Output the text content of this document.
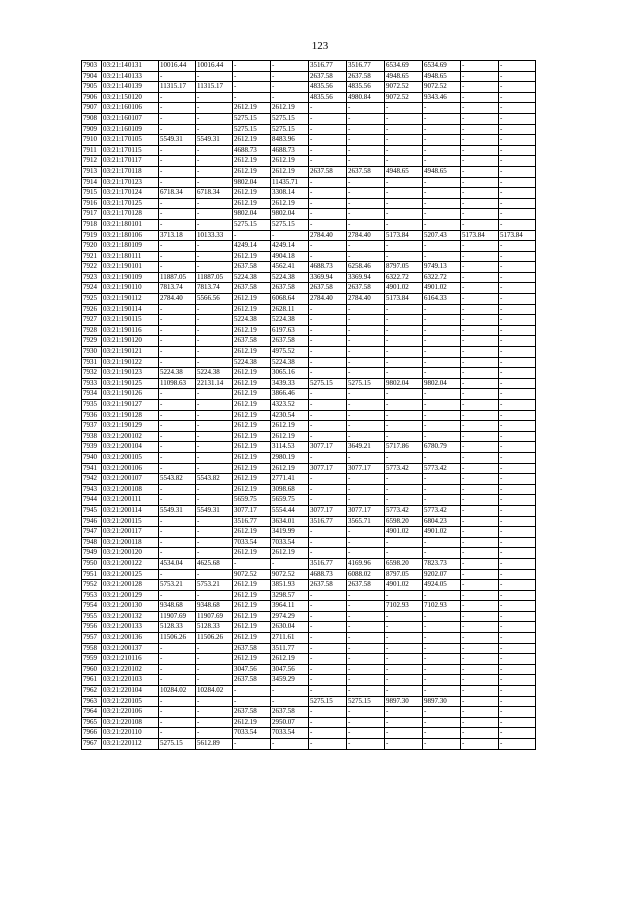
123
7903	03:21:140131	10016.44	10016.44	-	-	3516.77	3516.77	6534.69	6534.69	-	-
7904	03:21:140133	-	-	-	-	2637.58	2637.58	4948.65	4948.65	-	-
7905	03:21:140139	11315.17	11315.17	-	-	4835.56	4835.56	9072.52	9072.52	-	-
7906	03:21:150120	-	-	-	-	4835.56	4980.84	9072.52	9343.46	-	-
7907	03:21:160106	-	-	2612.19	2612.19	-	-	-	-	-	-
7908	03:21:160107	-	-	5275.15	5275.15	-	-	-	-	-	-
7909	03:21:160109	-	-	5275.15	5275.15	-	-	-	-	-	-
7910	03:21:170105	5549.31	5549.31	2612.19	8483.96	-	-	-	-	-	-
7911	03:21:170115	-	-	4688.73	4688.73	-	-	-	-	-	-
7912	03:21:170117	-	-	2612.19	2612.19	-	-	-	-	-	-
7913	03:21:170118	-	-	2612.19	2612.19	2637.58	2637.58	4948.65	4948.65	-	-
7914	03:21:170123	-	-	9802.04	11435.71	-	-	-	-	-	-
7915	03:21:170124	6718.34	6718.34	2612.19	3308.14	-	-	-	-	-	-
7916	03:21:170125	-	-	2612.19	2612.19	-	-	-	-	-	-
7917	03:21:170128	-	-	9802.04	9802.04	-	-	-	-	-	-
7918	03:21:180101	-	-	5275.15	5275.15	-	-	-	-	-	-
7919	03:21:180106	3713.18	10133.33	-	-	2784.40	2784.40	5173.84	5207.43	5173.84	5173.84
7920	03:21:180109	-	-	4249.14	4249.14	-	-	-	-	-	-
7921	03:21:180111	-	-	2612.19	4904.18	-	-	-	-	-	-
7922	03:21:190101	-	-	2637.58	4562.41	4688.73	6258.46	8797.05	9749.13	-	-
7923	03:21:190109	11887.05	11887.05	5224.38	5224.38	3369.94	3369.94	6322.72	6322.72	-	-
7924	03:21:190110	7813.74	7813.74	2637.58	2637.58	2637.58	2637.58	4901.02	4901.02	-	-
7925	03:21:190112	2784.40	5566.56	2612.19	6068.64	2784.40	2784.40	5173.84	6164.33	-	-
7926	03:21:190114	-	-	2612.19	2628.11	-	-	-	-	-	-
7927	03:21:190115	-	-	5224.38	5224.38	-	-	-	-	-	-
7928	03:21:190116	-	-	2612.19	6197.63	-	-	-	-	-	-
7929	03:21:190120	-	-	2637.58	2637.58	-	-	-	-	-	-
7930	03:21:190121	-	-	2612.19	4975.52	-	-	-	-	-	-
7931	03:21:190122	-	-	5224.38	5224.38	-	-	-	-	-	-
7932	03:21:190123	5224.38	5224.38	2612.19	3065.16	-	-	-	-	-	-
7933	03:21:190125	11098.63	22131.14	2612.19	3439.33	5275.15	5275.15	9802.04	9802.04	-	-
7934	03:21:190126	-	-	2612.19	3866.46	-	-	-	-	-	-
7935	03:21:190127	-	-	2612.19	4323.52	-	-	-	-	-	-
7936	03:21:190128	-	-	2612.19	4230.54	-	-	-	-	-	-
7937	03:21:190129	-	-	2612.19	2612.19	-	-	-	-	-	-
7938	03:21:200102	-	-	2612.19	2612.19	-	-	-	-	-	-
7939	03:21:200104	-	-	2612.19	3114.53	3077.17	3649.21	5717.86	6780.79	-	-
7940	03:21:200105	-	-	2612.19	2980.19	-	-	-	-	-	-
7941	03:21:200106	-	-	2612.19	2612.19	3077.17	3077.17	5773.42	5773.42	-	-
7942	03:21:200107	5543.82	5543.82	2612.19	2771.41	-	-	-	-	-	-
7943	03:21:200108	-	-	2612.19	3098.68	-	-	-	-	-	-
7944	03:21:200111	-	-	5659.75	5659.75	-	-	-	-	-	-
7945	03:21:200114	5549.31	5549.31	3077.17	5554.44	3077.17	3077.17	5773.42	5773.42	-	-
7946	03:21:200115	-	-	3516.77	3634.01	3516.77	3565.71	6598.20	6804.23	-	-
7947	03:21:200117	-	-	2612.19	3419.99	-	-	4901.02	4901.02	-	-
7948	03:21:200118	-	-	7033.54	7033.54	-	-	-	-	-	-
7949	03:21:200120	-	-	2612.19	2612.19	-	-	-	-	-	-
7950	03:21:200122	4534.04	4625.68	-	-	3516.77	4169.96	6598.20	7823.73	-	-
7951	03:21:200125	-	-	9072.52	9072.52	4688.73	6088.02	8797.05	9202.07	-	-
7952	03:21:200128	5753.21	5753.21	2612.19	3851.93	2637.58	2637.58	4901.02	4924.05	-	-
7953	03:21:200129	-	-	2612.19	3298.57	-	-	-	-	-	-
7954	03:21:200130	9348.68	9348.68	2612.19	3964.11	-	-	7102.93	7102.93	-	-
7955	03:21:200132	11907.69	11907.69	2612.19	2974.29	-	-	-	-	-	-
7956	03:21:200133	5128.33	5128.33	2612.19	2630.04	-	-	-	-	-	-
7957	03:21:200136	11506.26	11506.26	2612.19	2711.61	-	-	-	-	-	-
7958	03:21:200137	-	-	2637.58	3511.77	-	-	-	-	-	-
7959	03:21:210116	-	-	2612.19	2612.19	-	-	-	-	-	-
7960	03:21:220102	-	-	3047.56	3047.56	-	-	-	-	-	-
7961	03:21:220103	-	-	2637.58	3459.29	-	-	-	-	-	-
7962	03:21:220104	10284.02	10284.02	-	-	-	-	-	-	-	-
7963	03:21:220105	-	-	-	-	5275.15	5275.15	9897.30	9897.30	-	-
7964	03:21:220106	-	-	2637.58	2637.58	-	-	-	-	-	-
7965	03:21:220108	-	-	2612.19	2950.07	-	-	-	-	-	-
7966	03:21:220110	-	-	7033.54	7033.54	-	-	-	-	-	-
7967	03:21:220112	5275.15	5612.89	-	-	-	-	-	-	-	-
